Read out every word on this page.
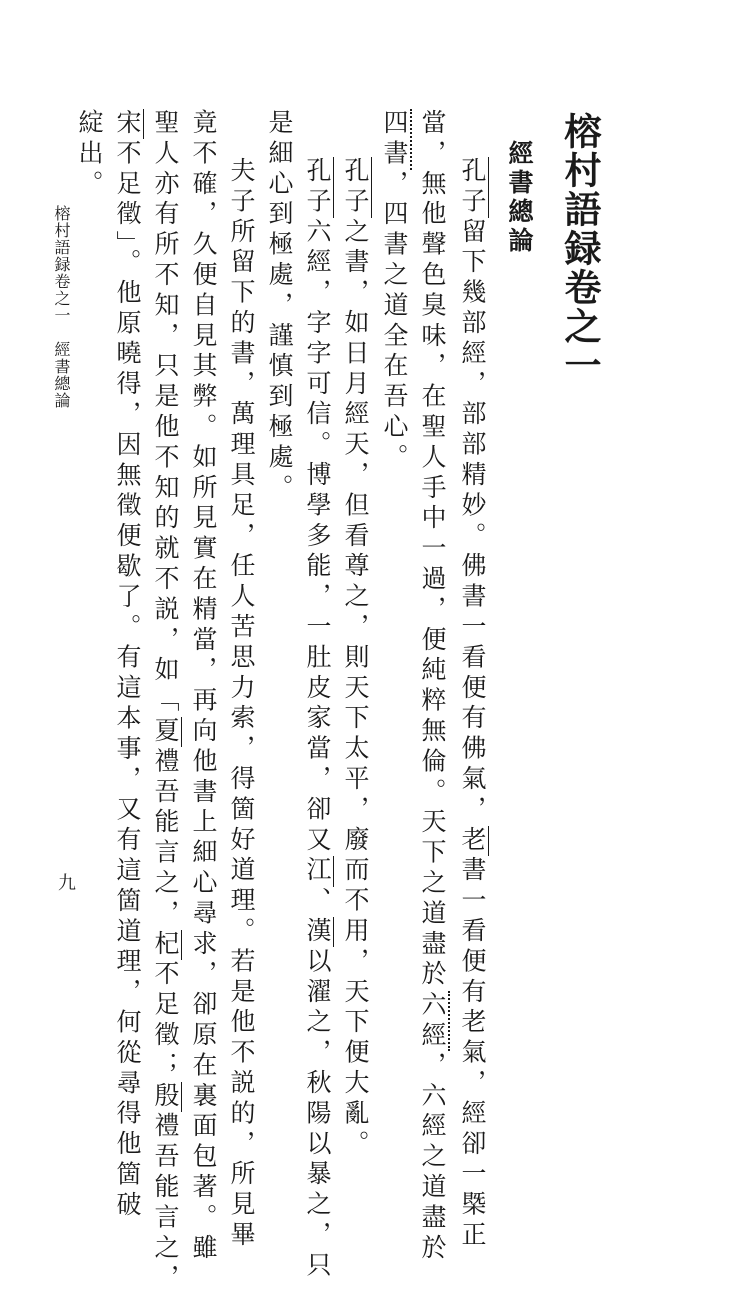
榕村語録卷之一
經書總論
孔子留下幾部經，部部精妙。佛書一看便有佛氣，老書一看便有老氣，經卻一槩正
當，無他聲色臭味，在聖人手中一過，便純粹無倫。天下之道盡於六經，六經之道盡於
四書，四書之道全在吾心。
孔子之書，如日月經天，但看尊之，則天下太平，廢而不用，天下便大亂。
孔子六經，字字可信。博學多能，一肚皮家當，卻又江、漢以濯之，秋陽以暴之，只
是細心到極處，謹慎到極處。
夫子所留下的書，萬理具足，任人苦思力索，得箇好道理。若是他不説的，所見畢
竟不確，久便自見其弊。如所見實在精當，再向他書上細心尋求，卻原在裏面包著。雖
聖人亦有所不知，只是他不知的就不説，如「夏禮吾能言之，杞不足徵；殷禮吾能言之，
宋不足徵」。他原曉得，因無徵便歇了。有這本事，又有這箇道理，何從尋得他箇破
綻出。
榕村語録卷之一　經書總論
九
